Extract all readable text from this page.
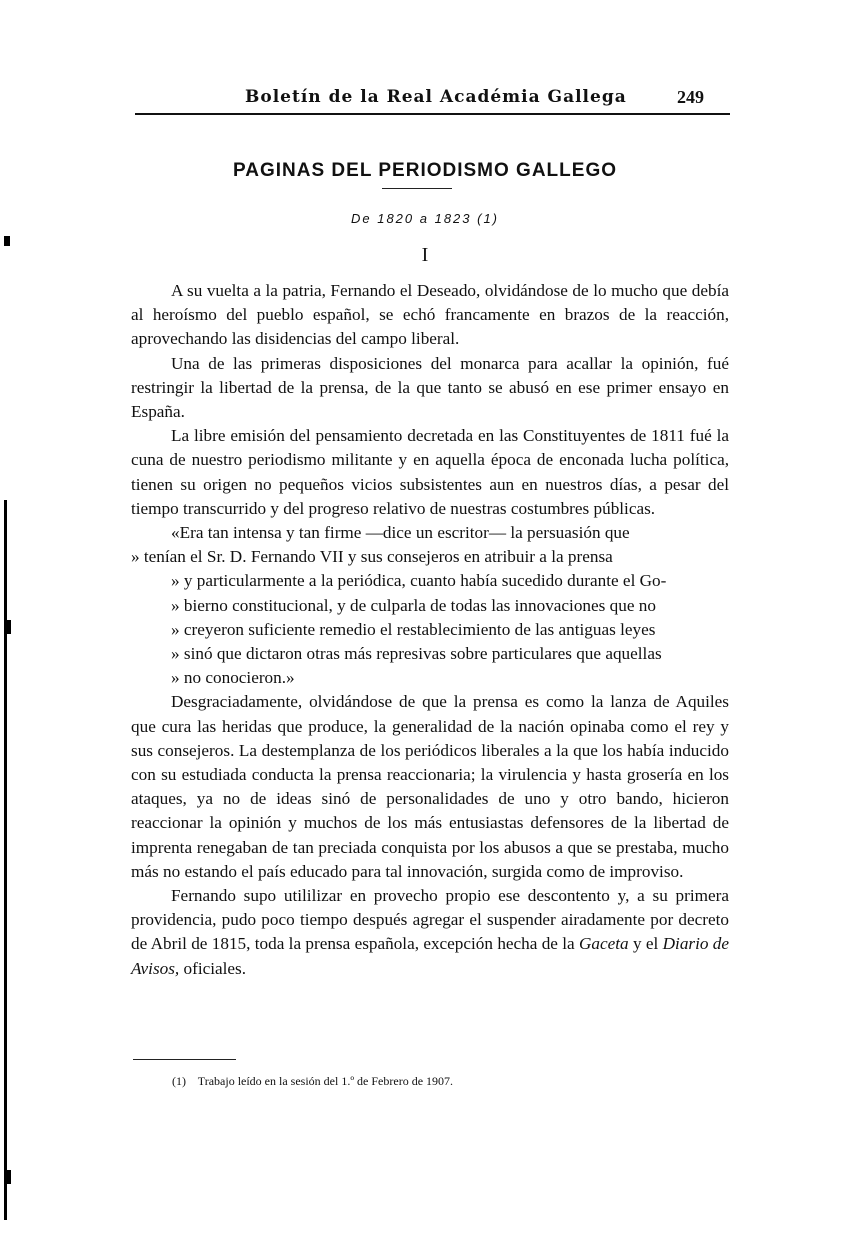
Boletín de la Real Académia Gallega	249
PAGINAS DEL PERIODISMO GALLEGO
De 1820 a 1823 (1)
I

A su vuelta a la patria, Fernando el Deseado, olvidándose de lo mucho que debía al heroísmo del pueblo español, se echó francamente en brazos de la reacción, aprovechando las disidencias del campo liberal.

Una de las primeras disposiciones del monarca para acallar la opinión, fué restringir la libertad de la prensa, de la que tanto se abusó en ese primer ensayo en España.

La libre emisión del pensamiento decretada en las Constituyentes de 1811 fué la cuna de nuestro periodismo militante y en aquella época de enconada lucha política, tienen su origen no pequeños vicios subsistentes aun en nuestros días, a pesar del tiempo transcurrido y del progreso relativo de nuestras costumbres públicas.

«Era tan intensa y tan firme —dice un escritor— la persuasión que
» tenían el Sr. D. Fernando VII y sus consejeros en atribuir a la prensa
» y particularmente a la periódica, cuanto había sucedido durante el Go-
» bierno constitucional, y de culparla de todas las innovaciones que no
» creyeron suficiente remedio el restablecimiento de las antiguas leyes
» sinó que dictaron otras más represivas sobre particulares que aquellas
» no conocieron.»

Desgraciadamente, olvidándose de que la prensa es como la lanza de Aquiles que cura las heridas que produce, la generalidad de la nación opinaba como el rey y sus consejeros. La destemplanza de los periódicos liberales a la que los había inducido con su estudiada conducta la prensa reaccionaria; la virulencia y hasta grosería en los ataques, ya no de ideas sinó de personalidades de uno y otro bando, hicieron reaccionar la opinión y muchos de los más entusiastas defensores de la libertad de imprenta renegaban de tan preciada conquista por los abusos a que se prestaba, mucho más no estando el país educado para tal innovación, surgida como de improviso.

Fernando supo utililizar en provecho propio ese descontento y, a su primera providencia, pudo poco tiempo después agregar el suspender airadamente por decreto de Abril de 1815, toda la prensa española, excepción hecha de la Gaceta y el Diario de Avisos, oficiales.

(1) Trabajo leído en la sesión del 1.º de Febrero de 1907.
